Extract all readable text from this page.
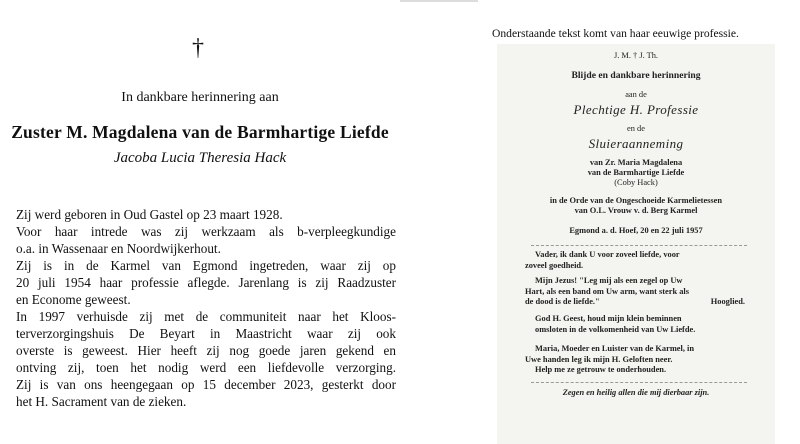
†
In dankbare herinnering aan
Zuster M. Magdalena van de Barmhartige Liefde
Jacoba Lucia Theresia Hack
Zij werd geboren in Oud Gastel op 23 maart 1928.
Voor haar intrede was zij werkzaam als b-verpleegkundige
o.a. in Wassenaar en Noordwijkerhout.
Zij is in de Karmel van Egmond ingetreden, waar zij op
20 juli 1954 haar professie aflegde. Jarenlang is zij Raadzuster
en Econome geweest.
In 1997 verhuisde zij met de communiteit naar het Kloos-
terverzorgingshuis De Beyart in Maastricht waar zij ook
overste is geweest. Hier heeft zij nog goede jaren gekend en
ontving zij, toen het nodig werd een liefdevolle verzorging.
Zij is van ons heengegaan op 15 december 2023, gesterkt door
het H. Sacrament van de zieken.
Onderstaande tekst komt van haar eeuwige professie.
J. M. † J. Th.
Blijde en dankbare herinnering
aan de
Plechtige H. Professie
en de
Sluieraanneming
van Zr. Maria Magdalena
van de Barmhartige Liefde
(Coby Hack)
in de Orde van de Ongeschoeide Karmelietessen
van O.L. Vrouw v. d. Berg Karmel
Egmond a. d. Hoef, 20 en 22 juli 1957
Vader, ik dank U voor zoveel liefde, voor
zoveel goedheid.
Mijn Jezus! "Leg mij als een zegel op Uw
Hart, als een band om Uw arm, want sterk als
de dood is de liefde."	Hooglied.
God H. Geest, houd mijn klein beminnen
omsloten in de volkomenheid van Uw Liefde.
Maria, Moeder en Luister van de Karmel, in
Uwe handen leg ik mijn H. Geloften neer.
Help me ze getrouw te onderhouden.
Zegen en heilig allen die mij dierbaar zijn.
